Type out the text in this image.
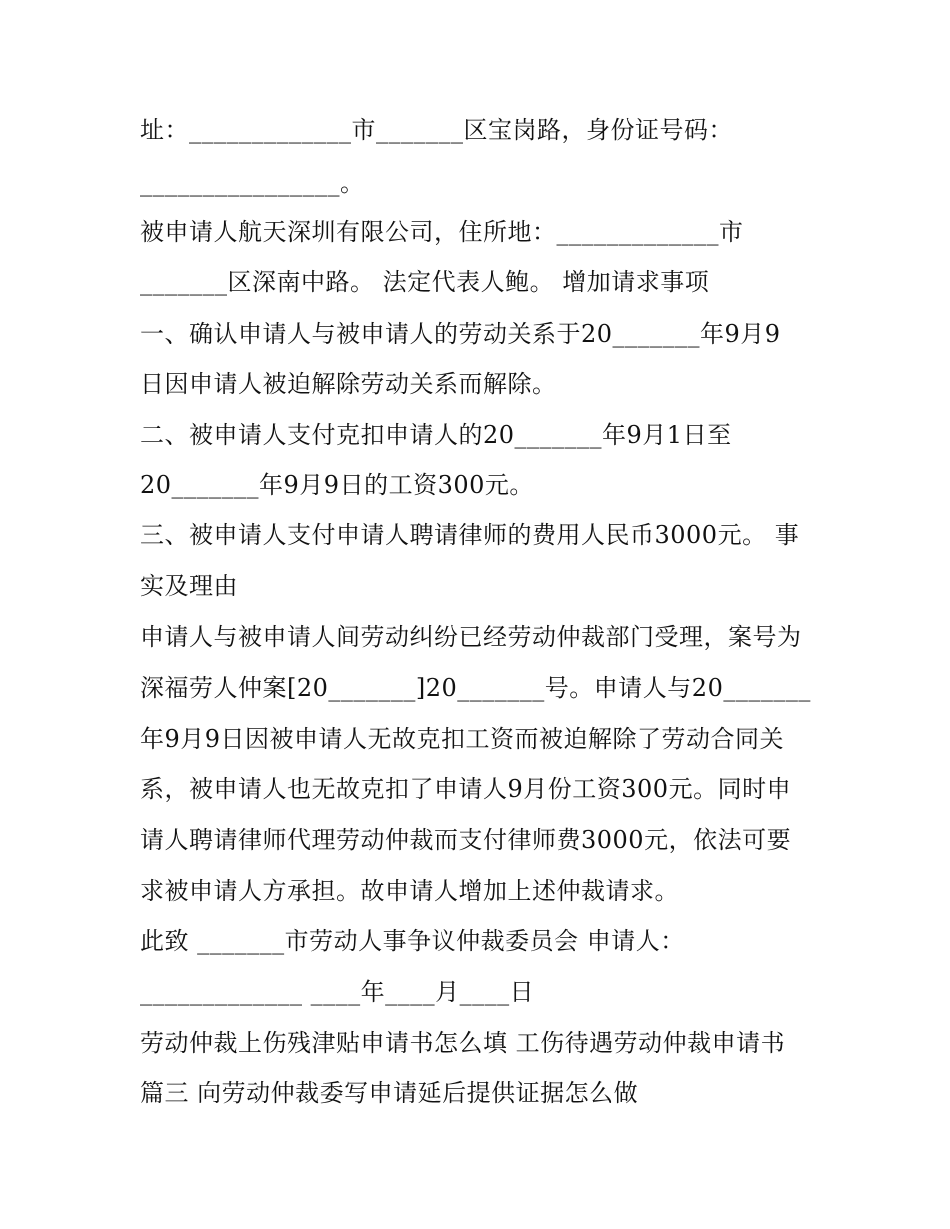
址：_____________市_______区宝岗路，身份证号码：
________________。
被申请人航天深圳有限公司，住所地：_____________市
_______区深南中路。 法定代表人鲍。 增加请求事项
一、确认申请人与被申请人的劳动关系于20_______年9月9
日因申请人被迫解除劳动关系而解除。
二、被申请人支付克扣申请人的20_______年9月1日至
20_______年9月9日的工资300元。
三、被申请人支付申请人聘请律师的费用人民币3000元。 事
实及理由
申请人与被申请人间劳动纠纷已经劳动仲裁部门受理，案号为
深福劳人仲案[20_______]20_______号。申请人与20_______
年9月9日因被申请人无故克扣工资而被迫解除了劳动合同关
系，被申请人也无故克扣了申请人9月份工资300元。同时申
请人聘请律师代理劳动仲裁而支付律师费3000元，依法可要
求被申请人方承担。故申请人增加上述仲裁请求。
此致 _______市劳动人事争议仲裁委员会 申请人：
_____________ ____年____月____日
劳动仲裁上伤残津贴申请书怎么填 工伤待遇劳动仲裁申请书
篇三 向劳动仲裁委写申请延后提供证据怎么做
